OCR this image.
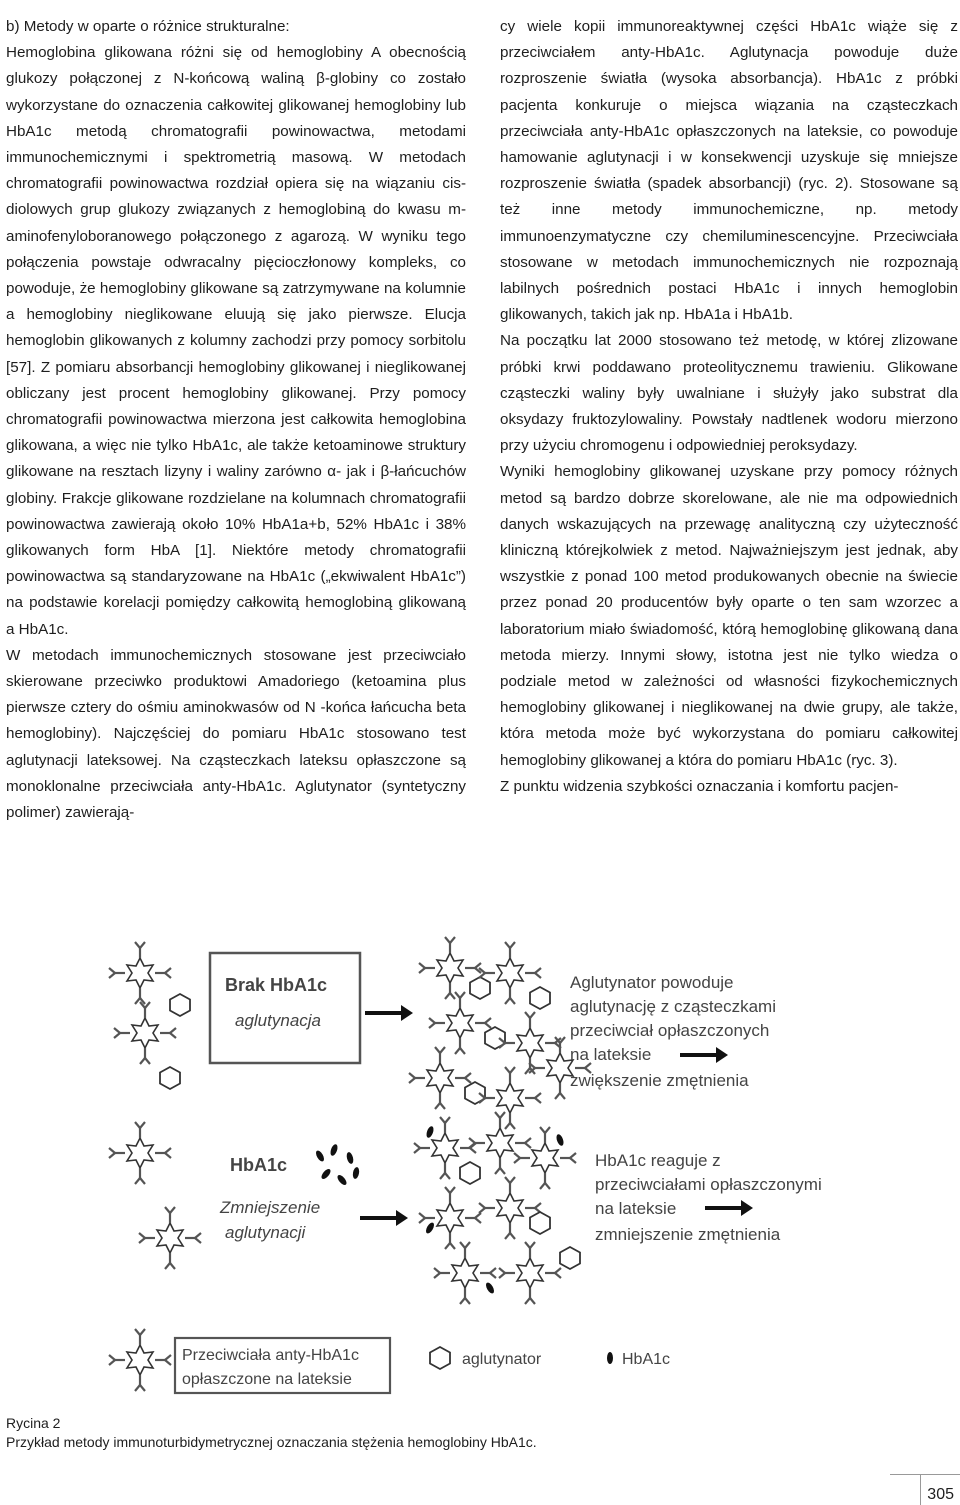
b) Metody w oparte o różnice strukturalne:

Hemoglobina glikowana różni się od hemoglobiny A obecnością glukozy połączonej z N-końcową waliną β-globiny co zostało wykorzystane do oznaczenia całkowitej glikowanej hemoglobiny lub HbA1c metodą chromatografii powinowactwa, metodami immunochemicznymi i spektrometrią masową. W metodach chromatografii powinowactwa rozdział opiera się na wiązaniu cis-diolowych grup glukozy związanych z hemoglobiną do kwasu m-aminofenyloboranowego połączonego z agarozą. W wyniku tego połączenia powstaje odwracalny pięcioczłonowy kompleks, co powoduje, że hemoglobiny glikowane są zatrzymywane na kolumnie a hemoglobiny nieglikowane eluują się jako pierwsze. Elucja hemoglobin glikowanych z kolumny zachodzi przy pomocy sorbitolu [57]. Z pomiaru absorbancji hemoglobiny glikowanej i nieglikowanej obliczany jest procent hemoglobiny glikowanej. Przy pomocy chromatografii powinowactwa mierzona jest całkowita hemoglobina glikowana, a więc nie tylko HbA1c, ale także ketoaminowe struktury glikowane na resztach lizyny i waliny zarówno α- jak i β-łańcuchów globiny. Frakcje glikowane rozdzielane na kolumnach chromatografii powinowactwa zawierają około 10% HbA1a+b, 52% HbA1c i 38% glikowanych form HbA [1]. Niektóre metody chromatografii powinowactwa są standaryzowane na HbA1c („ekwiwalent HbA1c”) na podstawie korelacji pomiędzy całkowitą hemoglobiną glikowaną a HbA1c.

W metodach immunochemicznych stosowane jest przeciwciało skierowane przeciwko produktowi Amadoriego (ketoamina plus pierwsze cztery do ośmiu aminokwasów od N -końca łańcucha beta hemoglobiny). Najczęściej do pomiaru HbA1c stosowano test aglutynacji lateksowej. Na cząsteczkach lateksu opłaszczone są monoklonalne przeciwciała anty-HbA1c. Aglutynator (syntetyczny polimer) zawierają-

cy wiele kopii immunoreaktywnej części HbA1c wiąże się z przeciwciałem anty-HbA1c. Aglutynacja powoduje duże rozproszenie światła (wysoka absorbancja). HbA1c z próbki pacjenta konkuruje o miejsca wiązania na cząsteczkach przeciwciała anty-HbA1c opłaszczonych na lateksie, co powoduje hamowanie aglutynacji i w konsekwencji uzyskuje się mniejsze rozproszenie światła (spadek absorbancji) (ryc. 2). Stosowane są też inne metody immunochemiczne, np. metody immunoenzymatyczne czy chemiluminescencyjne. Przeciwciała stosowane w metodach immunochemicznych nie rozpoznają labilnych pośrednich postaci HbA1c i innych hemoglobin glikowanych, takich jak np. HbA1a i HbA1b.

Na początku lat 2000 stosowano też metodę, w której zlizowane próbki krwi poddawano proteolitycznemu trawieniu. Glikowane cząsteczki waliny były uwalniane i służyły jako substrat dla oksydazy fruktozylowaliny. Powstały nadtlenek wodoru mierzono przy użyciu chromogenu i odpowiedniej peroksydazy.

Wyniki hemoglobiny glikowanej uzyskane przy pomocy różnych metod są bardzo dobrze skorelowane, ale nie ma odpowiednich danych wskazujących na przewagę analityczną czy użyteczność kliniczną którejkolwiek z metod. Najważniejszym jest jednak, aby wszystkie z ponad 100 metod produkowanych obecnie na świecie przez ponad 20 producentów były oparte o ten sam wzorzec a laboratorium miało świadomość, którą hemoglobinę glikowaną dana metoda mierzy. Innymi słowy, istotna jest nie tylko wiedza o podziale metod w zależności od własności fizykochemicznych hemoglobiny glikowanej i nieglikowanej na dwie grupy, ale także, która metoda może być wykorzystana do pomiaru całkowitej hemoglobiny glikowanej a która do pomiaru HbA1c (ryc. 3).

Z punktu widzenia szybkości oznaczania i komfortu pacjen-

Brak HbA1c
aglutynacja
Aglutynator powoduje
aglutynację z cząsteczkami
przeciwciał opłaszczonych
na lateksie
zwiększenie zmętnienia
HbA1c
Zmniejszenie
aglutynacji
HbA1c reaguje z
przeciwciałami opłaszczonymi
na lateksie
zmniejszenie zmętnienia
Przeciwciała anty-HbA1c
opłaszczone na lateksie
aglutynator	HbA1c
Rycina 2
Przykład metody immunoturbidymetrycznej oznaczania stężenia hemoglobiny HbA1c.
305
